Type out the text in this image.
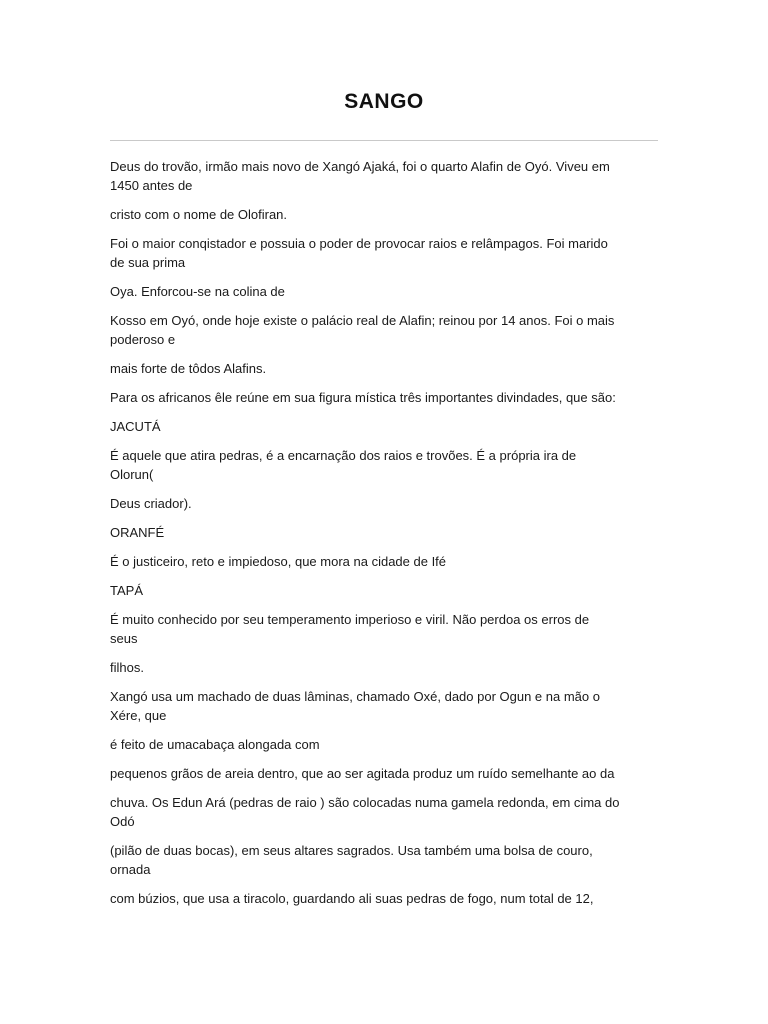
SANGO

Deus do trovão, irmão mais novo de Xangó Ajaká, foi o quarto Alafin de Oyó. Viveu em
1450 antes de

cristo com o nome de Olofiran.

Foi o maior conqistador e possuia o poder de provocar raios e relâmpagos. Foi marido
de sua prima

Oya. Enforcou-se na colina de

Kosso em Oyó, onde hoje existe o palácio real de Alafin; reinou por 14 anos. Foi o mais
poderoso e

mais forte de tôdos Alafins.

Para os africanos êle reúne em sua figura mística três importantes divindades, que são:

JACUTÁ

É aquele que atira pedras, é a encarnação dos raios e trovões. É a própria ira de
Olorun(

Deus criador).

ORANFÉ

É o justiceiro, reto e impiedoso, que mora na cidade de Ifé

TAPÁ

É muito conhecido por seu temperamento imperioso e viril. Não perdoa os erros de
seus

filhos.

Xangó usa um machado de duas lâminas, chamado Oxé, dado por Ogun e na mão o
Xére, que

é feito de umacabaça alongada com

pequenos grãos de areia dentro, que ao ser agitada produz um ruído semelhante ao da

chuva. Os Edun Ará (pedras de raio ) são colocadas numa gamela redonda, em cima do
Odó

(pilão de duas bocas), em seus altares sagrados. Usa também uma bolsa de couro,
ornada

com búzios, que usa a tiracolo, guardando ali suas pedras de fogo, num total de 12,
